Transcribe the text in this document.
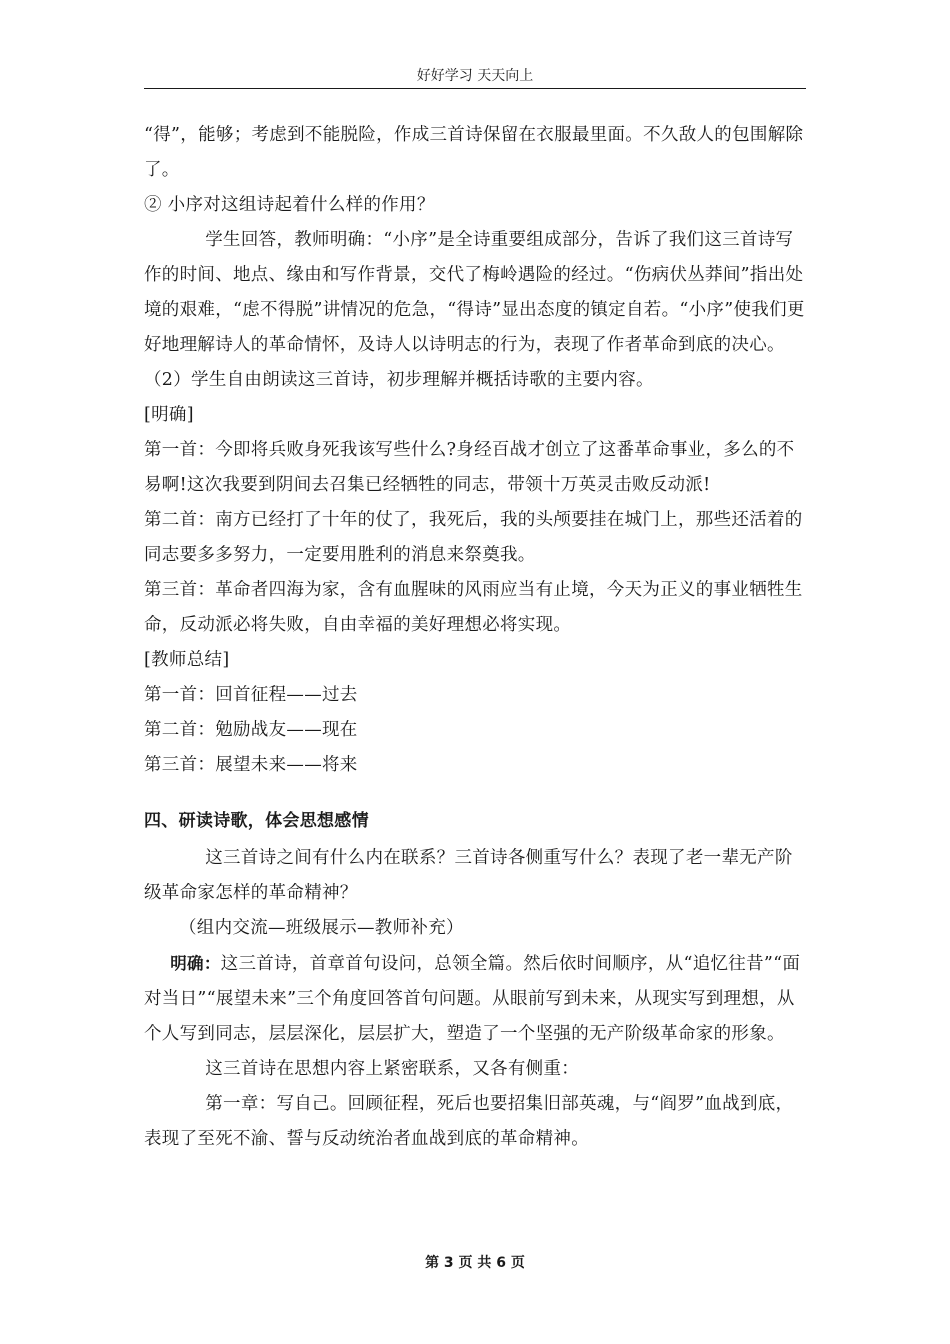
好好学习 天天向上

“得”，能够；考虑到不能脱险，作成三首诗保留在衣服最里面。不久敌人的包围解除了。

② 小序对这组诗起着什么样的作用？

学生回答，教师明确：“小序”是全诗重要组成部分，告诉了我们这三首诗写作的时间、地点、缘由和写作背景，交代了梅岭遇险的经过。“伤病伏丛莽间”指出处境的艰难，“虑不得脱”讲情况的危急，“得诗”显出态度的镇定自若。“小序”使我们更好地理解诗人的革命情怀，及诗人以诗明志的行为，表现了作者革命到底的决心。

（2）学生自由朗读这三首诗，初步理解并概括诗歌的主要内容。

[明确]

第一首：今即将兵败身死我该写些什么?身经百战才创立了这番革命事业，多么的不易啊!这次我要到阴间去召集已经牺牲的同志，带领十万英灵击败反动派!

第二首：南方已经打了十年的仗了，我死后，我的头颅要挂在城门上，那些还活着的同志要多多努力，一定要用胜利的消息来祭奠我。

第三首：革命者四海为家，含有血腥味的风雨应当有止境，今天为正义的事业牺牲生命，反动派必将失败，自由幸福的美好理想必将实现。

[教师总结]

第一首：回首征程——过去

第二首：勉励战友——现在

第三首：展望未来——将来

四、研读诗歌，体会思想感情

这三首诗之间有什么内在联系？三首诗各侧重写什么？表现了老一辈无产阶级革命家怎样的革命精神？

（组内交流—班级展示—教师补充）

明确：这三首诗，首章首句设问，总领全篇。然后依时间顺序，从“追忆往昔”“面对当日”“展望未来”三个角度回答首句问题。从眼前写到未来，从现实写到理想，从个人写到同志，层层深化，层层扩大，塑造了一个坚强的无产阶级革命家的形象。

这三首诗在思想内容上紧密联系，又各有侧重：

第一章：写自己。回顾征程，死后也要招集旧部英魂，与“阎罗”血战到底，表现了至死不渝、誓与反动统治者血战到底的革命精神。

第 3 页 共 6 页
